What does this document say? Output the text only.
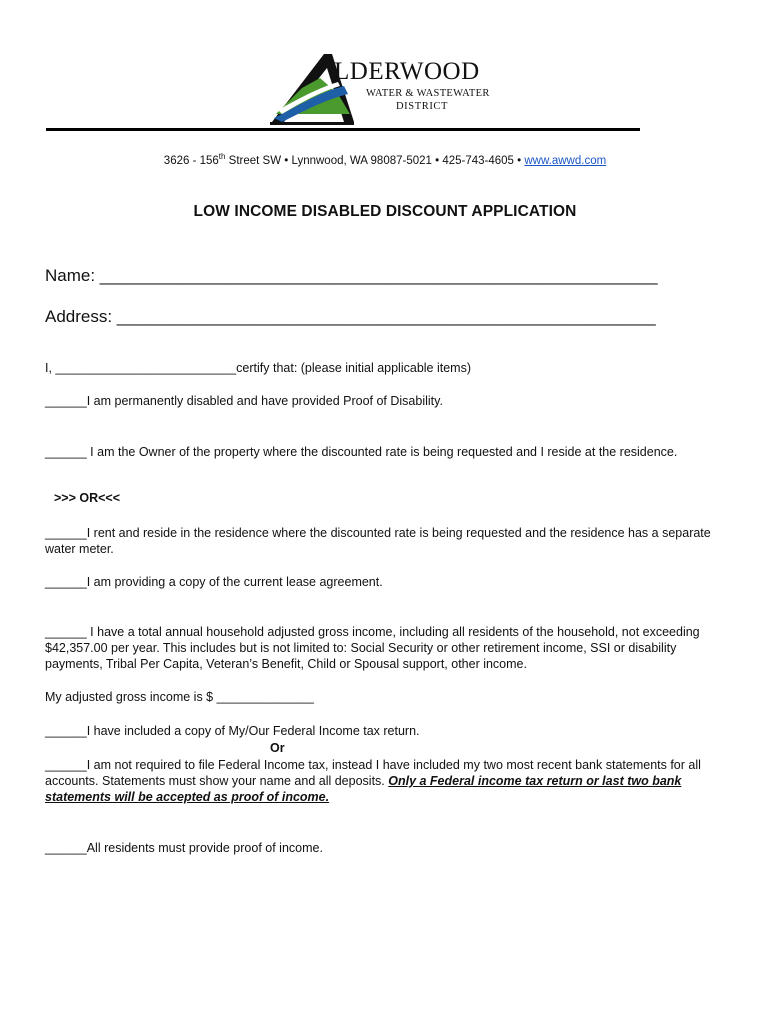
LDERWOOD
WATER & WASTEWATER
DISTRICT
3626 - 156th Street SW • Lynnwood, WA 98087-5021 • 425-743-4605 • www.awwd.com
LOW INCOME DISABLED DISCOUNT APPLICATION
Name: ___________________________________________________________
Address: _________________________________________________________
I, __________________________certify that: (please initial applicable items)
______I am permanently disabled and have provided Proof of Disability.
______ I am the Owner of the property where the discounted rate is being requested and I reside at the residence.
>>> OR<<<
______I rent and reside in the residence where the discounted rate is being requested and the residence has a separate water meter.
______I am providing a copy of the current lease agreement.
______ I have a total annual household adjusted gross income, including all residents of the household, not exceeding $42,357.00 per year. This includes but is not limited to: Social Security or other retirement income, SSI or disability payments, Tribal Per Capita, Veteran’s Benefit, Child or Spousal support, other income.
My adjusted gross income is $ ______________
______I have included a copy of My/Our Federal Income tax return.
Or
______I am not required to file Federal Income tax, instead I have included my two most recent bank statements for all accounts. Statements must show your name and all deposits. Only a Federal income tax return or last two bank statements will be accepted as proof of income.
______All residents must provide proof of income.
